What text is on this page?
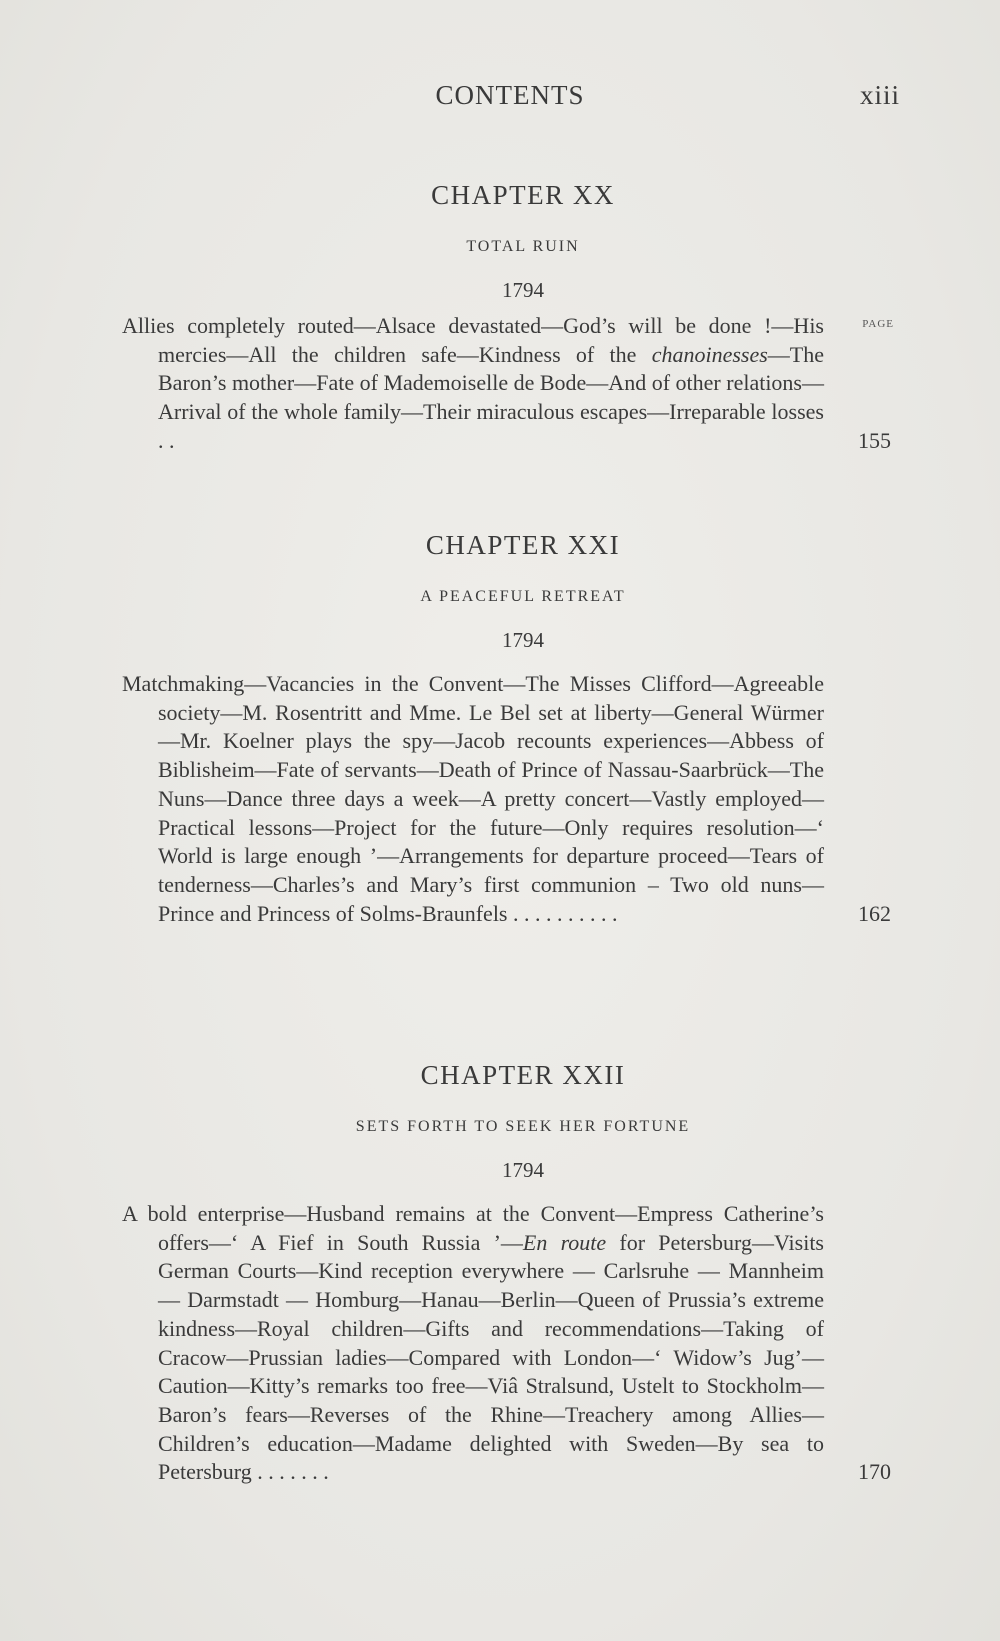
CONTENTS	xiii
CHAPTER XX
TOTAL RUIN
1794
PAGE
Allies completely routed—Alsace devastated—God’s will be done !—His mercies—All the children safe—Kindness of the chanoinesses—The Baron’s mother—Fate of Mademoiselle de Bode—And of other relations—Arrival of the whole family—Their miraculous escapes—Irreparable losses . .	155
CHAPTER XXI
A PEACEFUL RETREAT
1794
Matchmaking—Vacancies in the Convent—The Misses Clifford—Agreeable society—M. Rosentritt and Mme. Le Bel set at liberty—General Würmer—Mr. Koelner plays the spy—Jacob recounts experiences—Abbess of Biblisheim—Fate of servants—Death of Prince of Nassau-Saarbrück—The Nuns—Dance three days a week—A pretty concert—Vastly employed—Practical lessons—Project for the future—Only requires resolution—‘ World is large enough ’—Arrangements for departure proceed—Tears of tenderness—Charles’s and Mary’s first communion – Two old nuns—Prince and Princess of Solms-Braunfels . . . . . . . . . .	162
CHAPTER XXII
SETS FORTH TO SEEK HER FORTUNE
1794
A bold enterprise—Husband remains at the Convent—Empress Catherine’s offers—‘ A Fief in South Russia ’—En route for Petersburg—Visits German Courts—Kind reception everywhere — Carlsruhe — Mannheim — Darmstadt — Homburg—Hanau—Berlin—Queen of Prussia’s extreme kindness—Royal children—Gifts and recommendations—Taking of Cracow—Prussian ladies—Compared with London—‘ Widow’s Jug’—Caution—Kitty’s remarks too free—Viâ Stralsund, Ustelt to Stockholm—Baron’s fears—Reverses of the Rhine—Treachery among Allies—Children’s education—Madame delighted with Sweden—By sea to Petersburg . . . . . . .	170
